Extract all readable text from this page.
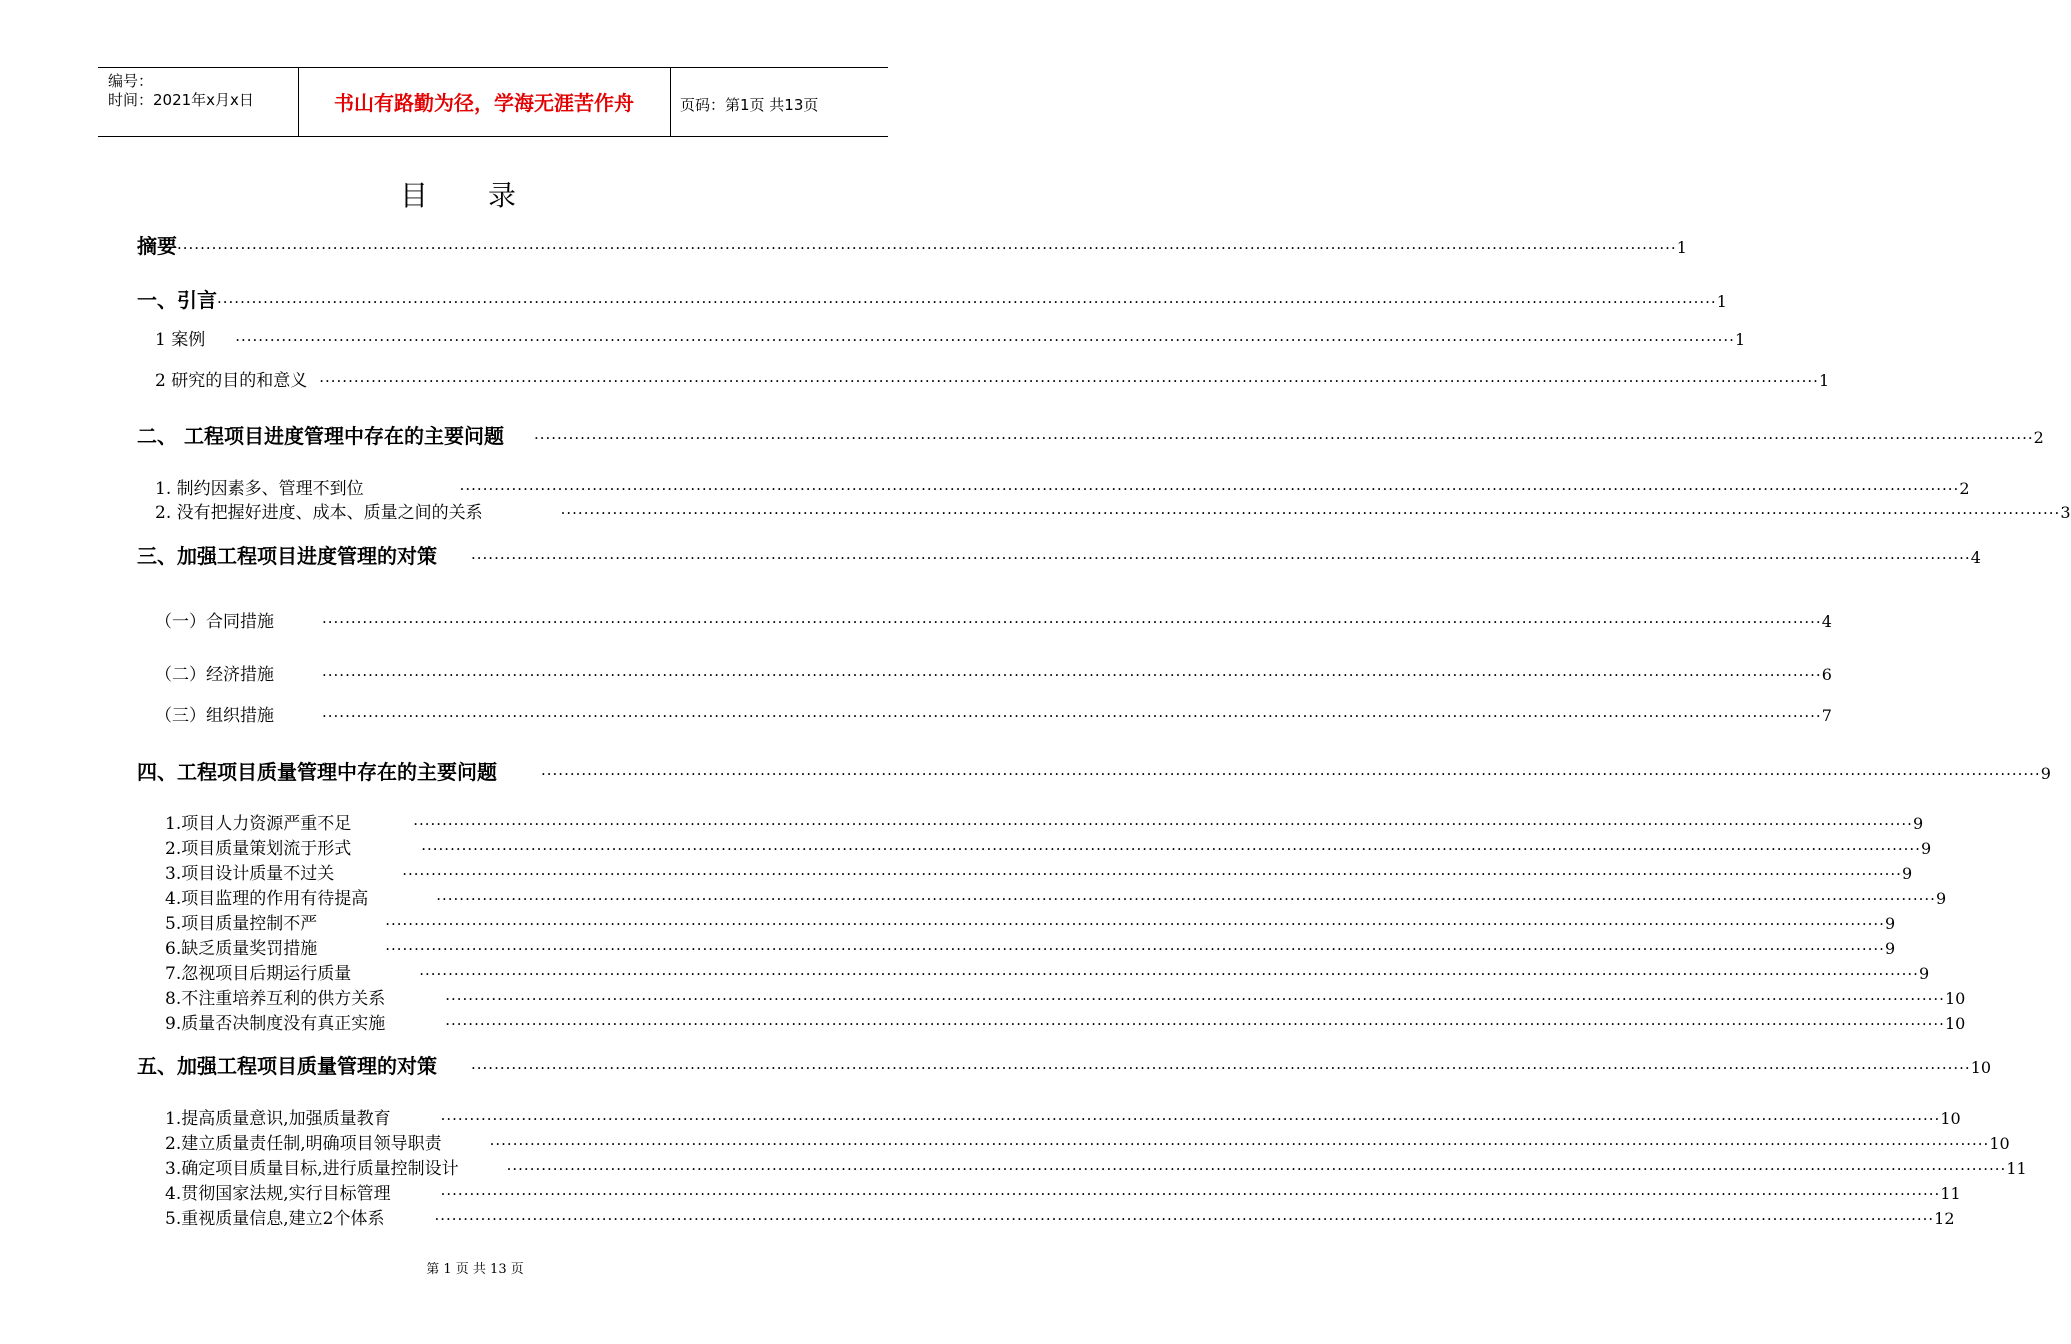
编号：
时间：2021年x月x日	书山有路勤为径，学海无涯苦作舟	页码：第1页 共13页
目录
摘要 ···································································································································································································································································· 1
一、引言 ···································································································································································································································································· 1
1 案例 ···································································································································································································································································· 1
2 研究的目的和意义 ···································································································································································································································································· 1
二、 工程项目进度管理中存在的主要问题 ···································································································································································································································································· 2
1. 制约因素多、管理不到位	···································································································································································································································································· 2
2. 没有把握好进度、成本、质量之间的关系	···································································································································································································································································· 3
三、加强工程项目进度管理的对策 ···································································································································································································································································· 4
（一）合同措施	···································································································································································································································································· 4
（二）经济措施	···································································································································································································································································· 6
（三）组织措施	···································································································································································································································································· 7
四、工程项目质量管理中存在的主要问题	···································································································································································································································································· 9
1.项目人力资源严重不足	···································································································································································································································································· 9
2.项目质量策划流于形式	···································································································································································································································································· 9
3.项目设计质量不过关	···································································································································································································································································· 9
4.项目监理的作用有待提高	···································································································································································································································································· 9
5.项目质量控制不严	···································································································································································································································································· 9
6.缺乏质量奖罚措施	···································································································································································································································································· 9
7.忽视项目后期运行质量	···································································································································································································································································· 9
8.不注重培养互利的供方关系	···································································································································································································································································· 10
9.质量否决制度没有真正实施	···································································································································································································································································· 10
五、加强工程项目质量管理的对策 ···································································································································································································································································· 10
1.提高质量意识,加强质量教育	···································································································································································································································································· 10
2.建立质量责任制,明确项目领导职责	···································································································································································································································································· 10
3.确定项目质量目标,进行质量控制设计	···································································································································································································································································· 11
4.贯彻国家法规,实行目标管理	···································································································································································································································································· 11
5.重视质量信息,建立2个体系	···································································································································································································································································· 12
第 1 页 共 13 页
